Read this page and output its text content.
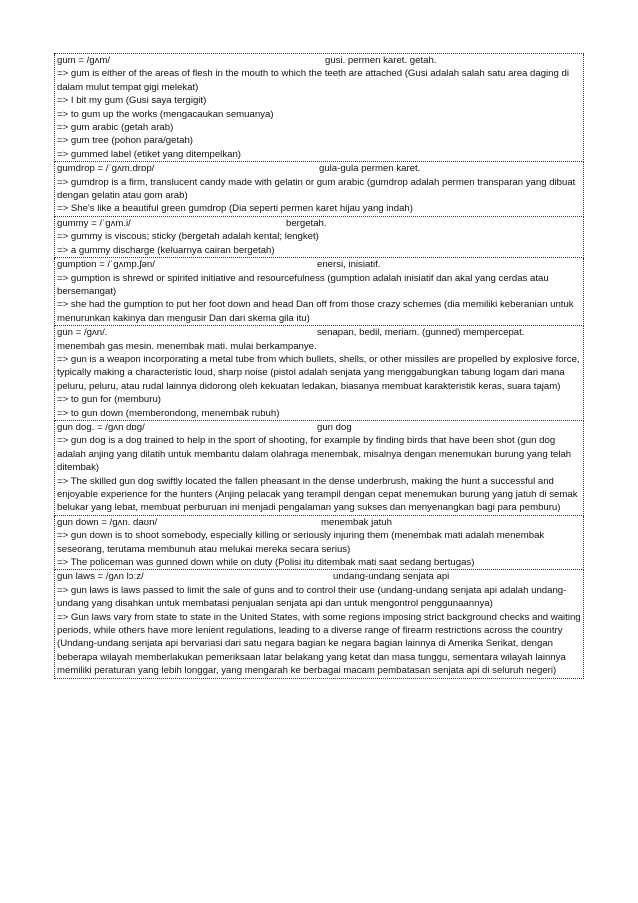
gum = /gʌm/	gusi. permen karet. getah.
=> gum is either of the areas of flesh in the mouth to which the teeth are attached (Gusi adalah salah satu area daging di dalam mulut tempat gigi melekat)
=> I bit my gum (Gusi saya tergigit)
=> to gum up the works (mengacaukan semuanya)
=> gum arabic (getah arab)
=> gum tree (pohon para/getah)
=> gummed label (etiket yang ditempelkan)
gumdrop = /ˈɡʌm.drɒp/	gula-gula permen karet.
=> gumdrop is a firm, translucent candy made with gelatin or gum arabic (gumdrop adalah permen transparan yang dibuat dengan gelatin atau gom arab)
=> She's like a beautiful green gumdrop (Dia seperti permen karet hijau yang indah)
gummy = /ˈɡʌm.i/	bergetah.
=> gummy is viscous; sticky (bergetah adalah kental; lengket)
=> a gummy discharge (keluarnya cairan bergetah)
gumption = /ˈɡʌmp.ʃən/	enersi, inisiatif.
=> gumption is shrewd or spirited initiative and resourcefulness (gumption adalah inisiatif dan akal yang cerdas atau bersemangat)
=> she had the gumption to put her foot down and head Dan off from those crazy schemes (dia memiliki keberanian untuk menurunkan kakinya dan mengusir Dan dari skema gila itu)
gun = /gʌn/.	senapan, bedil, meriam. (gunned) mempercepat.
menembah gas mesin. menembak mati. mulai berkampanye.
=> gun is a weapon incorporating a metal tube from which bullets, shells, or other missiles are propelled by explosive force, typically making a characteristic loud, sharp noise (pistol adalah senjata yang menggabungkan tabung logam dari mana peluru, peluru, atau rudal lainnya didorong oleh kekuatan ledakan, biasanya membuat karakteristik keras, suara tajam)
=> to gun for (memburu)
=> to gun down (memberondong, menembak rubuh)
gun dog. = /ɡʌn dɒɡ/	gun dog
=> gun dog is a dog trained to help in the sport of shooting, for example by finding birds that have been shot (gun dog adalah anjing yang dilatih untuk membantu dalam olahraga menembak, misalnya dengan menemukan burung yang telah ditembak)
=> The skilled gun dog swiftly located the fallen pheasant in the dense underbrush, making the hunt a successful and enjoyable experience for the hunters (Anjing pelacak yang terampil dengan cepat menemukan burung yang jatuh di semak belukar yang lebat, membuat perburuan ini menjadi pengalaman yang sukses dan menyenangkan bagi para pemburu)
gun down = /ɡʌn. daʊn/	menembak jatuh
=> gun down is to shoot somebody, especially killing or seriously injuring them (menembak mati adalah menembak seseorang, terutama membunuh atau melukai mereka secara serius)
=> The policeman was gunned down while on duty (Polisi itu ditembak mati saat sedang bertugas)
gun laws = /ɡʌn lɔːz/	undang-undang senjata api
=> gun laws is laws passed to limit the sale of guns and to control their use (undang-undang senjata api adalah undang-undang yang disahkan untuk membatasi penjualan senjata api dan untuk mengontrol penggunaannya)
=> Gun laws vary from state to state in the United States, with some regions imposing strict background checks and waiting periods, while others have more lenient regulations, leading to a diverse range of firearm restrictions across the country (Undang-undang senjata api bervariasi dari satu negara bagian ke negara bagian lainnya di Amerika Serikat, dengan beberapa wilayah memberlakukan pemeriksaan latar belakang yang ketat dan masa tunggu, sementara wilayah lainnya memiliki peraturan yang lebih longgar, yang mengarah ke berbagai macam pembatasan senjata api di seluruh negeri)
